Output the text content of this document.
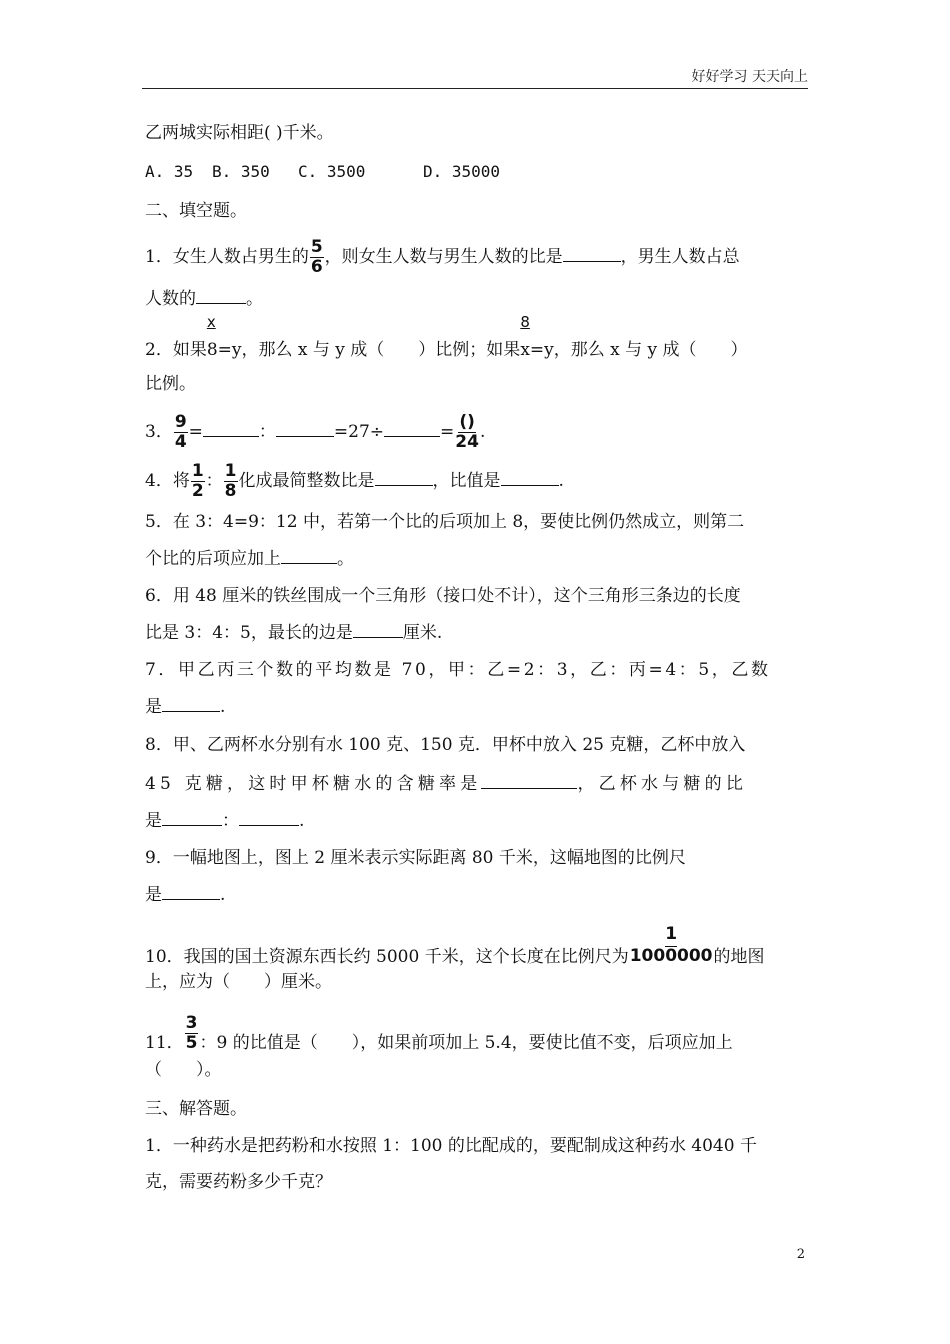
好好学习 天天向上
乙两城实际相距( )千米。
A. 35 B. 350 C. 3500	D. 35000
二、填空题。
1．女生人数占男生的 $\frac{5}{6}$ ，则女生人数与男生人数的比是	，男生人数占总
人数的	。
2．如果
x
8=y，那么 x 与 y 成（　　）比例；如果
8
x=y，那么 x 与 y 成（　　）
比例。
3． $\frac{9}{4}$ =	：	=27÷	= $\frac{()}{24}$ .
4．将 $\frac{1}{2}$ ： $\frac{1}{8}$ 化成最简整数比是	，比值是	.
5．在 3：4=9：12 中，若第一个比的后项加上 8，要使比例仍然成立，则第二
个比的后项应加上	。
6．用 48 厘米的铁丝围成一个三角形（接口处不计），这个三角形三条边的长度
比是 3：4：5，最长的边是	厘米.
7．甲乙丙三个数的平均数是 70，甲：乙=2：3，乙：丙=4：5，乙数
是	.
8．甲、乙两杯水分别有水 100 克、150 克．甲杯中放入 25 克糖，乙杯中放入
45 克糖，这时甲杯糖水的含糖率是	，乙杯水与糖的比
是	：	.
9．一幅地图上，图上 2 厘米表示实际距离 80 千米，这幅地图的比例尺
是	.
10．我国的国土资源东西长约 5000 千米，这个长度在比例尺为 $\frac{1}{1000000}$ 的地图
上，应为（　　）厘米。
11． $\frac{3}{5}$ ：9 的比值是（　　），如果前项加上 5.4，要使比值不变，后项应加上
（　　）。
三、解答题。
1．一种药水是把药粉和水按照 1：100 的比配成的，要配制成这种药水 4040 千
克，需要药粉多少千克？
2
